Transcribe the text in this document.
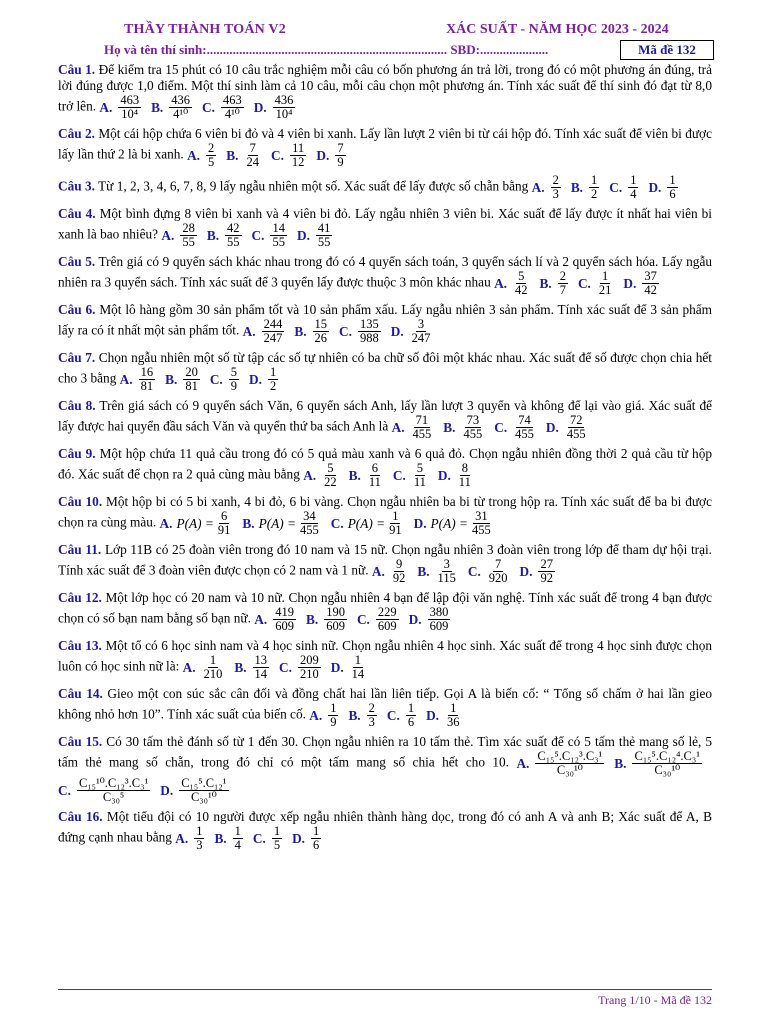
THẦY THÀNH TOÁN V2	XÁC SUẤT - NĂM HỌC 2023 - 2024
Họ và tên thí sinh:.......................................................................... SBD:.....................	Mã đề 132
Câu 1. Để kiểm tra 15 phút có 10 câu trắc nghiệm mỗi câu có bốn phương án trả lời, trong đó có một phương án đúng, trả lời đúng được 1,0 điểm. Một thí sinh làm cả 10 câu, mỗi câu chọn một phương án. Tính xác suất để thí sinh đó đạt từ 8,0 trở lên. A. $\frac{463}{\text{10⁴}} B$. $\frac{436}{\text{4¹⁰}} C$. $\frac{463}{\text{4¹⁰}} D$. $\frac{436}{\text{10⁴}}$
Câu 2. Một cái hộp chứa 6 viên bi đỏ và 4 viên bi xanh. Lấy lần lượt 2 viên bi từ cái hộp đó. Tính xác suất để viên bi được lấy lần thứ 2 là bi xanh. A. $\frac{2}{5} B$. $\frac{7}{24} C$. $\frac{11}{12} D$. $\frac{7}{9}$
Câu 3. Từ 1, 2, 3, 4, 6, 7, 8, 9 lấy ngẫu nhiên một số. Xác suất để lấy được số chẵn bằng A. $\frac{2}{3} B$. $\frac{1}{2} C$. $\frac{1}{4} D$. $\frac{1}{6}$
Câu 4. Một bình đựng 8 viên bi xanh và 4 viên bi đỏ. Lấy ngẫu nhiên 3 viên bi. Xác suất để lấy được ít nhất hai viên bi xanh là bao nhiêu? A. $\frac{28}{55} B$. $\frac{42}{55} C$. $\frac{14}{55} D$. $\frac{41}{55}$
Câu 5. Trên giá có 9 quyển sách khác nhau trong đó có 4 quyển sách toán, 3 quyển sách lí và 2 quyển sách hóa. Lấy ngẫu nhiên ra 3 quyển sách. Tính xác suất để 3 quyển lấy được thuộc 3 môn khác nhau A. $\frac{5}{42} B$. $\frac{2}{7} C$. $\frac{1}{21} D$. $\frac{37}{42}$
Câu 6. Một lô hàng gồm 30 sản phẩm tốt và 10 sản phẩm xấu. Lấy ngẫu nhiên 3 sản phẩm. Tính xác suất để 3 sản phẩm lấy ra có ít nhất một sản phẩm tốt. A. $\frac{244}{247} B$. $\frac{15}{26} C$. $\frac{135}{988} D$. $\frac{3}{247}$
Câu 7. Chọn ngẫu nhiên một số từ tập các số tự nhiên có ba chữ số đôi một khác nhau. Xác suất để số được chọn chia hết cho 3 bằng A. $\frac{16}{81} B$. $\frac{20}{81} C$. $\frac{5}{9} D$. $\frac{1}{2}$
Câu 8. Trên giá sách có 9 quyển sách Văn, 6 quyển sách Anh, lấy lần lượt 3 quyển và không để lại vào giá. Xác suất để lấy được hai quyển đầu sách Văn và quyển thứ ba sách Anh là A. $\frac{71}{455} B$. $\frac{73}{455} C$. $\frac{74}{455} D$. $\frac{72}{455}$
Câu 9. Một hộp chứa 11 quả cầu trong đó có 5 quả màu xanh và 6 quả đỏ. Chọn ngẫu nhiên đồng thời 2 quả cầu từ hộp đó. Xác suất để chọn ra 2 quả cùng màu bằng A. $\frac{5}{22} B$. $\frac{6}{11} C$. $\frac{5}{11} D$. $\frac{8}{11}$
Câu 10. Một hộp bi có 5 bi xanh, 4 bi đỏ, 6 bi vàng. Chọn ngẫu nhiên ba bi từ trong hộp ra. Tính xác suất để ba bi được chọn ra cùng màu. A. $P(A) = \frac{6}{91} B$. $P(A) = \frac{34}{455} C$. $P(A) = \frac{1}{91} D$. $P(A) = \frac{31}{455}$
Câu 11. Lớp 11B có 25 đoàn viên trong đó 10 nam và 15 nữ. Chọn ngẫu nhiên 3 đoàn viên trong lớp để tham dự hội trại. Tính xác suất để 3 đoàn viên được chọn có 2 nam và 1 nữ. A. $\frac{9}{92} B$. $\frac{3}{115} C$. $\frac{7}{920} D$. $\frac{27}{92}$
Câu 12. Một lớp học có 20 nam và 10 nữ. Chọn ngẫu nhiên 4 bạn để lập đội văn nghệ. Tính xác suất để trong 4 bạn được chọn có số bạn nam bằng số bạn nữ. A. $\frac{419}{609} B$. $\frac{190}{609} C$. $\frac{229}{609} D$. $\frac{380}{609}$
Câu 13. Một tổ có 6 học sinh nam và 4 học sinh nữ. Chọn ngẫu nhiên 4 học sinh. Xác suất để trong 4 học sinh được chọn luôn có học sinh nữ là: A. $\frac{1}{210} B$. $\frac{13}{14} C$. $\frac{209}{210} D$. $\frac{1}{14}$
Câu 14. Gieo một con súc sắc cân đối và đồng chất hai lần liên tiếp. Gọi A là biến cố: “ Tổng số chấm ở hai lần gieo không nhỏ hơn 10”. Tính xác suất của biến cố. A. $\frac{1}{9} B$. $\frac{2}{3} C$. $\frac{1}{6} D$. $\frac{1}{36}$
Câu 15. Có 30 tấm thẻ đánh số từ 1 đến 30. Chọn ngẫu nhiên ra 10 tấm thẻ. Tìm xác suất để có 5 tấm thẻ mang số lẻ, 5 tấm thẻ mang số chẵn, trong đó chỉ có một tấm mang số chia hết cho 10. A. $\frac{\text{C₁₅⁵.C₁₂³.C₃¹}}{\text{C₃₀¹⁰}} B$. $\frac{\text{C₁₅⁵.C₁₂⁴.C₃¹}}{\text{C₃₀¹⁰}}$
C. $\frac{\text{C₁₅¹⁰.C₁₂³.C₃¹}}{\text{C₃₀⁵}} D$. $\frac{\text{C₁₅⁵.C₁₂¹}}{\text{C₃₀¹⁰}}$
Câu 16. Một tiểu đội có 10 người được xếp ngẫu nhiên thành hàng dọc, trong đó có anh A và anh B; Xác suất để A, B đứng cạnh nhau bằng A. $\frac{1}{3} B$. $\frac{1}{4} C$. $\frac{1}{5} D$. $\frac{1}{6}$
Trang 1/10 - Mã đề 132
